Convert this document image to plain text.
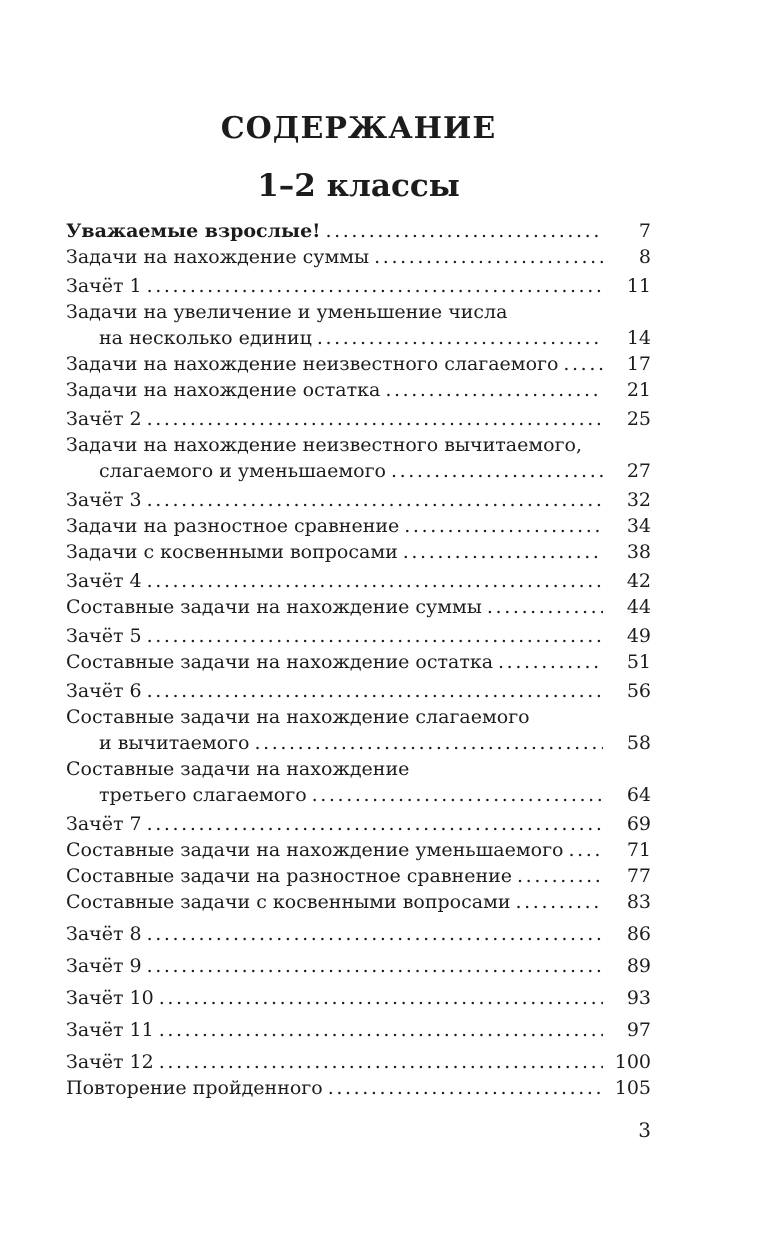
СОДЕРЖАНИЕ
1–2 классы
Уважаемые взрослые! .....	7
Задачи на нахождение суммы .....	8
Зачёт 1 .....	11
Задачи на увеличение и уменьшение числа
на несколько единиц .....	14
Задачи на нахождение неизвестного слагаемого .....	17
Задачи на нахождение остатка .....	21
Зачёт 2 .....	25
Задачи на нахождение неизвестного вычитаемого,
слагаемого и уменьшаемого .....	27
Зачёт 3 .....	32
Задачи на разностное сравнение .....	34
Задачи с косвенными вопросами .....	38
Зачёт 4 .....	42
Составные задачи на нахождение суммы .....	44
Зачёт 5 .....	49
Составные задачи на нахождение остатка .....	51
Зачёт 6 .....	56
Составные задачи на нахождение слагаемого
и вычитаемого .....	58
Составные задачи на нахождение
третьего слагаемого .....	64
Зачёт 7 .....	69
Составные задачи на нахождение уменьшаемого .....	71
Составные задачи на разностное сравнение .....	77
Составные задачи с косвенными вопросами .....	83
Зачёт 8 .....	86
Зачёт 9 .....	89
Зачёт 10 .....	93
Зачёт 11 .....	97
Зачёт 12 .....	100
Повторение пройденного .....	105
3
